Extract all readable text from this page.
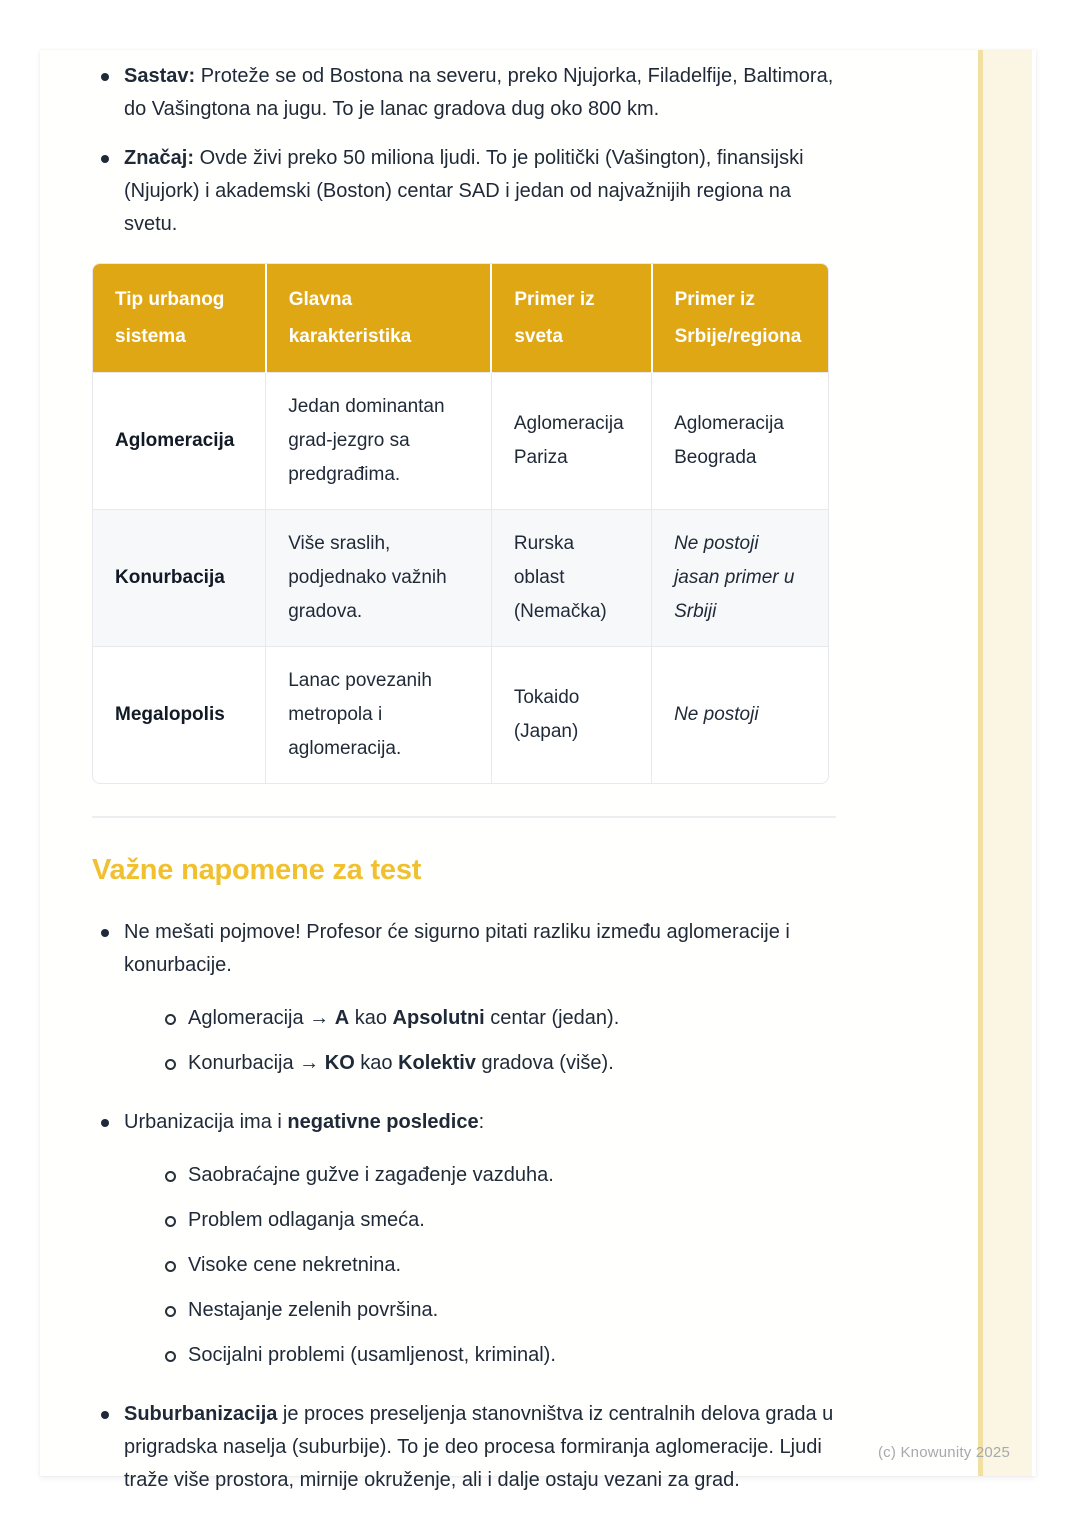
Sastav: Proteže se od Bostona na severu, preko Njujorka, Filadelfije, Baltimora, do Vašingtona na jugu. To je lanac gradova dug oko 800 km.
Značaj: Ovde živi preko 50 miliona ljudi. To je politički (Vašington), finansijski (Njujork) i akademski (Boston) centar SAD i jedan od najvažnijih regiona na svetu.
Tip urbanog sistema	Glavna karakteristika	Primer iz sveta	Primer iz Srbije/regiona
Aglomeracija	Jedan dominantan grad-jezgro sa predgrađima.	Aglomeracija Pariza	Aglomeracija Beograda
Konurbacija	Više sraslih, podjednako važnih gradova.	Rurska oblast (Nemačka)	Ne postoji jasan primer u Srbiji
Megalopolis	Lanac povezanih metropola i aglomeracija.	Tokaido (Japan)	Ne postoji
Važne napomene za test
Ne mešati pojmove! Profesor će sigurno pitati razliku između aglomeracije i konurbacije.
Aglomeracija → A kao Apsolutni centar (jedan).
Konurbacija → KO kao Kolektiv gradova (više).
Urbanizacija ima i negativne posledice:
Saobraćajne gužve i zagađenje vazduha.
Problem odlaganja smeća.
Visoke cene nekretnina.
Nestajanje zelenih površina.
Socijalni problemi (usamljenost, kriminal).
Suburbanizacija je proces preseljenja stanovništva iz centralnih delova grada u prigradska naselja (suburbije). To je deo procesa formiranja aglomeracije. Ljudi traže više prostora, mirnije okruženje, ali i dalje ostaju vezani za grad.
(c) Knowunity 2025
